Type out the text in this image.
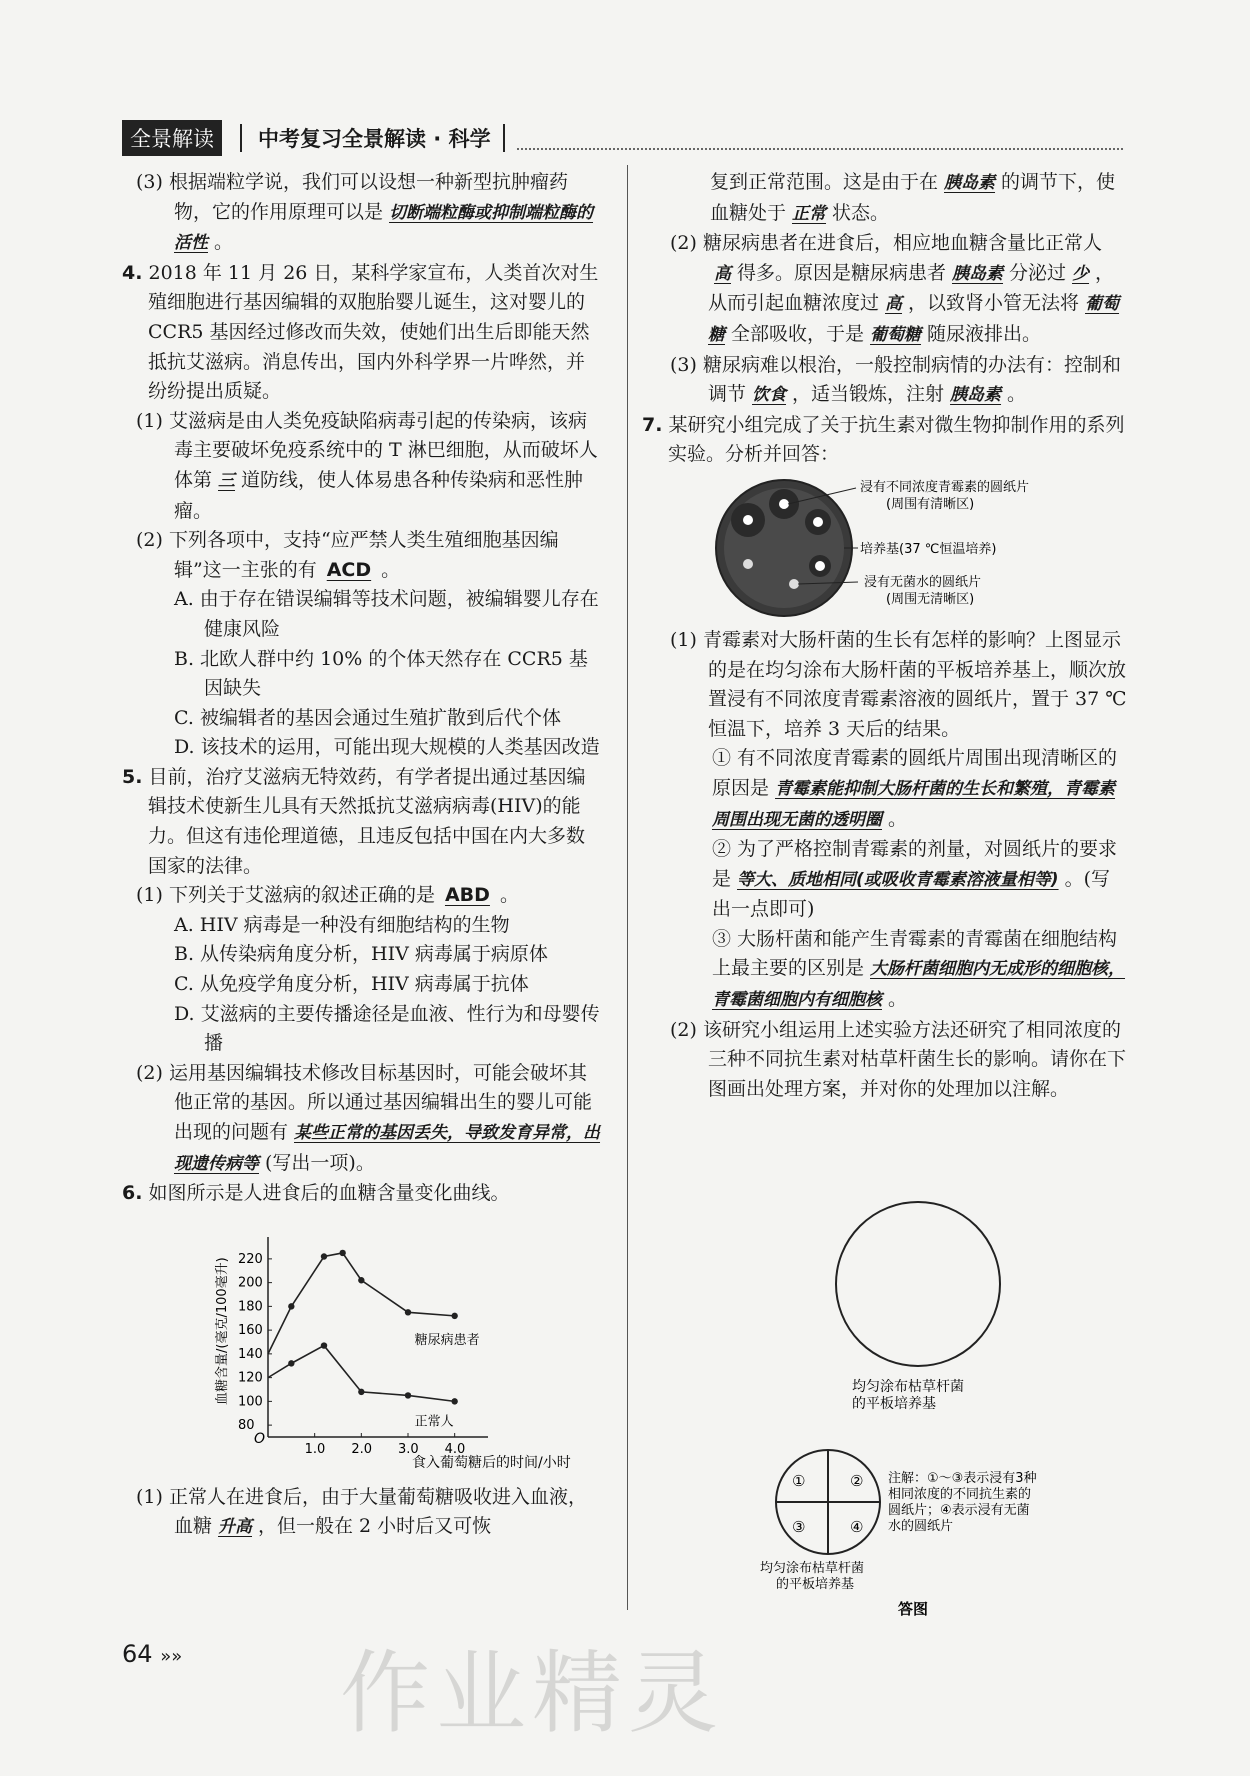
全景解读	中考复习全景解读 · 科学

(3) 根据端粒学说，我们可以设想一种新型抗肿瘤药物，它的作用原理可以是 切断端粒酶或抑制端粒酶的活性 。

4. 2018 年 11 月 26 日，某科学家宣布，人类首次对生殖细胞进行基因编辑的双胞胎婴儿诞生，这对婴儿的 CCR5 基因经过修改而失效，使她们出生后即能天然抵抗艾滋病。消息传出，国内外科学界一片哗然，并纷纷提出质疑。

(1) 艾滋病是由人类免疫缺陷病毒引起的传染病，该病毒主要破坏免疫系统中的 T 淋巴细胞，从而破坏人体第 三 道防线，使人体易患各种传染病和恶性肿瘤。

(2) 下列各项中，支持“应严禁人类生殖细胞基因编辑”这一主张的有 ACD 。

A. 由于存在错误编辑等技术问题，被编辑婴儿存在健康风险

B. 北欧人群中约 10% 的个体天然存在 CCR5 基因缺失

C. 被编辑者的基因会通过生殖扩散到后代个体

D. 该技术的运用，可能出现大规模的人类基因改造

5. 目前，治疗艾滋病无特效药，有学者提出通过基因编辑技术使新生儿具有天然抵抗艾滋病病毒(HIV)的能力。但这有违伦理道德，且违反包括中国在内大多数国家的法律。

(1) 下列关于艾滋病的叙述正确的是 ABD 。

A. HIV 病毒是一种没有细胞结构的生物

B. 从传染病角度分析，HIV 病毒属于病原体

C. 从免疫学角度分析，HIV 病毒属于抗体

D. 艾滋病的主要传播途径是血液、性行为和母婴传播

(2) 运用基因编辑技术修改目标基因时，可能会破坏其他正常的基因。所以通过基因编辑出生的婴儿可能出现的问题有 某些正常的基因丢失，导致发育异常，出现遗传病等 (写出一项)。

6. 如图所示是人进食后的血糖含量变化曲线。

1.0 2.0 3.0 4.0
80
100
120
140
160
180
200
220
糖尿病患者
正常人
血糖含量/(毫克/100毫升)
食入葡萄糖后的时间/小时
O

(1) 正常人在进食后，由于大量葡萄糖吸收进入血液，血糖 升高 ，但一般在 2 小时后又可恢

复到正常范围。这是由于在 胰岛素 的调节下，使血糖处于 正常 状态。

(2) 糖尿病患者在进食后，相应地血糖含量比正常人高 得多。原因是糖尿病患者 胰岛素 分泌过 少 ，从而引起血糖浓度过 高 ，以致肾小管无法将 葡萄糖 全部吸收，于是 葡萄糖 随尿液排出。

(3) 糖尿病难以根治，一般控制病情的办法有：控制和调节 饮食 ，适当锻炼，注射 胰岛素 。

7. 某研究小组完成了关于抗生素对微生物抑制作用的系列实验。分析并回答：

浸有不同浓度青霉素的圆纸片
(周围有清晰区)
培养基(37 ℃恒温培养)
浸有无菌水的圆纸片
(周围无清晰区)

(1) 青霉素对大肠杆菌的生长有怎样的影响？上图显示的是在均匀涂布大肠杆菌的平板培养基上，顺次放置浸有不同浓度青霉素溶液的圆纸片，置于 37 ℃恒温下，培养 3 天后的结果。

① 有不同浓度青霉素的圆纸片周围出现清晰区的原因是 青霉素能抑制大肠杆菌的生长和繁殖，青霉素周围出现无菌的透明圈 。

② 为了严格控制青霉素的剂量，对圆纸片的要求是 等大、质地相同(或吸收青霉素溶液量相等) 。(写出一点即可)

③ 大肠杆菌和能产生青霉素的青霉菌在细胞结构上最主要的区别是 大肠杆菌细胞内无成形的细胞核，青霉菌细胞内有细胞核 。

(2) 该研究小组运用上述实验方法还研究了相同浓度的三种不同抗生素对枯草杆菌生长的影响。请你在下图画出处理方案，并对你的处理加以注解。

均匀涂布枯草杆菌
的平板培养基
①	②
③	④
注解：①～③表示浸有3种
相同浓度的不同抗生素的
圆纸片；④表示浸有无菌
水的圆纸片
均匀涂布枯草杆菌
的平板培养基
答图
64 »» 作业精灵
